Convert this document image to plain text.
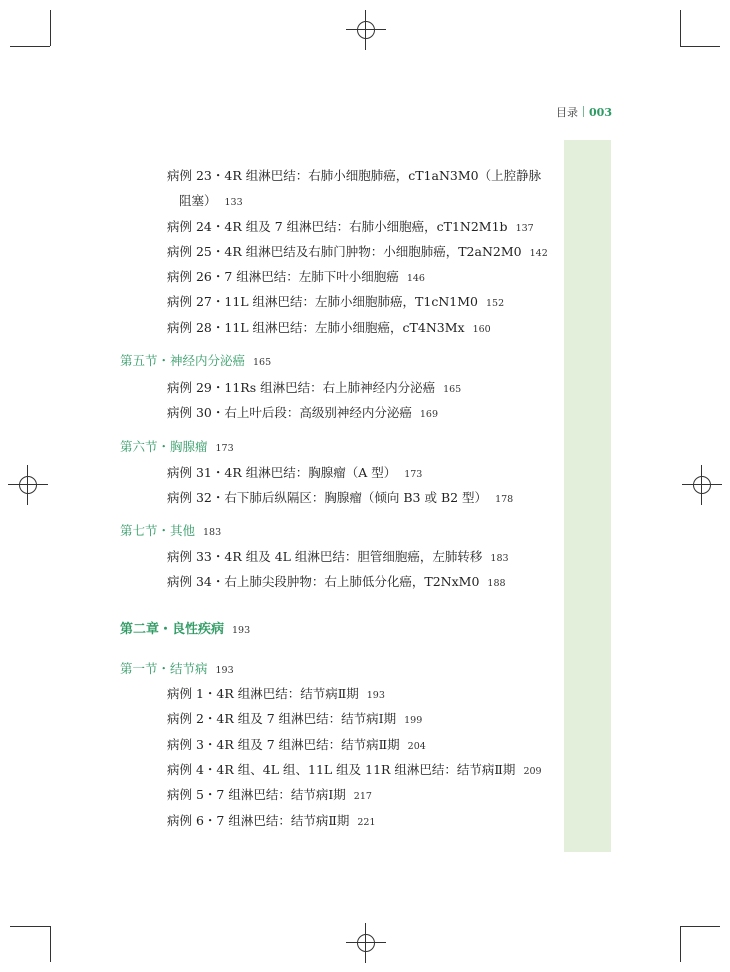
目录 003
病例 23・4R 组淋巴结：右肺小细胞肺癌，cT1aN3M0（上腔静脉
阻塞） 133
病例 24・4R 组及 7 组淋巴结：右肺小细胞癌，cT1N2M1b 137
病例 25・4R 组淋巴结及右肺门肿物：小细胞肺癌，T2aN2M0 142
病例 26・7 组淋巴结：左肺下叶小细胞癌 146
病例 27・11L 组淋巴结：左肺小细胞肺癌，T1cN1M0 152
病例 28・11L 组淋巴结：左肺小细胞癌，cT4N3Mx 160
第五节・神经内分泌癌 165
病例 29・11Rs 组淋巴结：右上肺神经内分泌癌 165
病例 30・右上叶后段：高级别神经内分泌癌 169
第六节・胸腺瘤 173
病例 31・4R 组淋巴结：胸腺瘤（A 型） 173
病例 32・右下肺后纵隔区：胸腺瘤（倾向 B3 或 B2 型） 178
第七节・其他 183
病例 33・4R 组及 4L 组淋巴结：胆管细胞癌，左肺转移 183
病例 34・右上肺尖段肿物：右上肺低分化癌，T2NxM0 188
第二章・良性疾病 193
第一节・结节病 193
病例 1・4R 组淋巴结：结节病Ⅱ期 193
病例 2・4R 组及 7 组淋巴结：结节病Ⅰ期 199
病例 3・4R 组及 7 组淋巴结：结节病Ⅱ期 204
病例 4・4R 组、4L 组、11L 组及 11R 组淋巴结：结节病Ⅱ期 209
病例 5・7 组淋巴结：结节病Ⅰ期 217
病例 6・7 组淋巴结：结节病Ⅱ期 221
